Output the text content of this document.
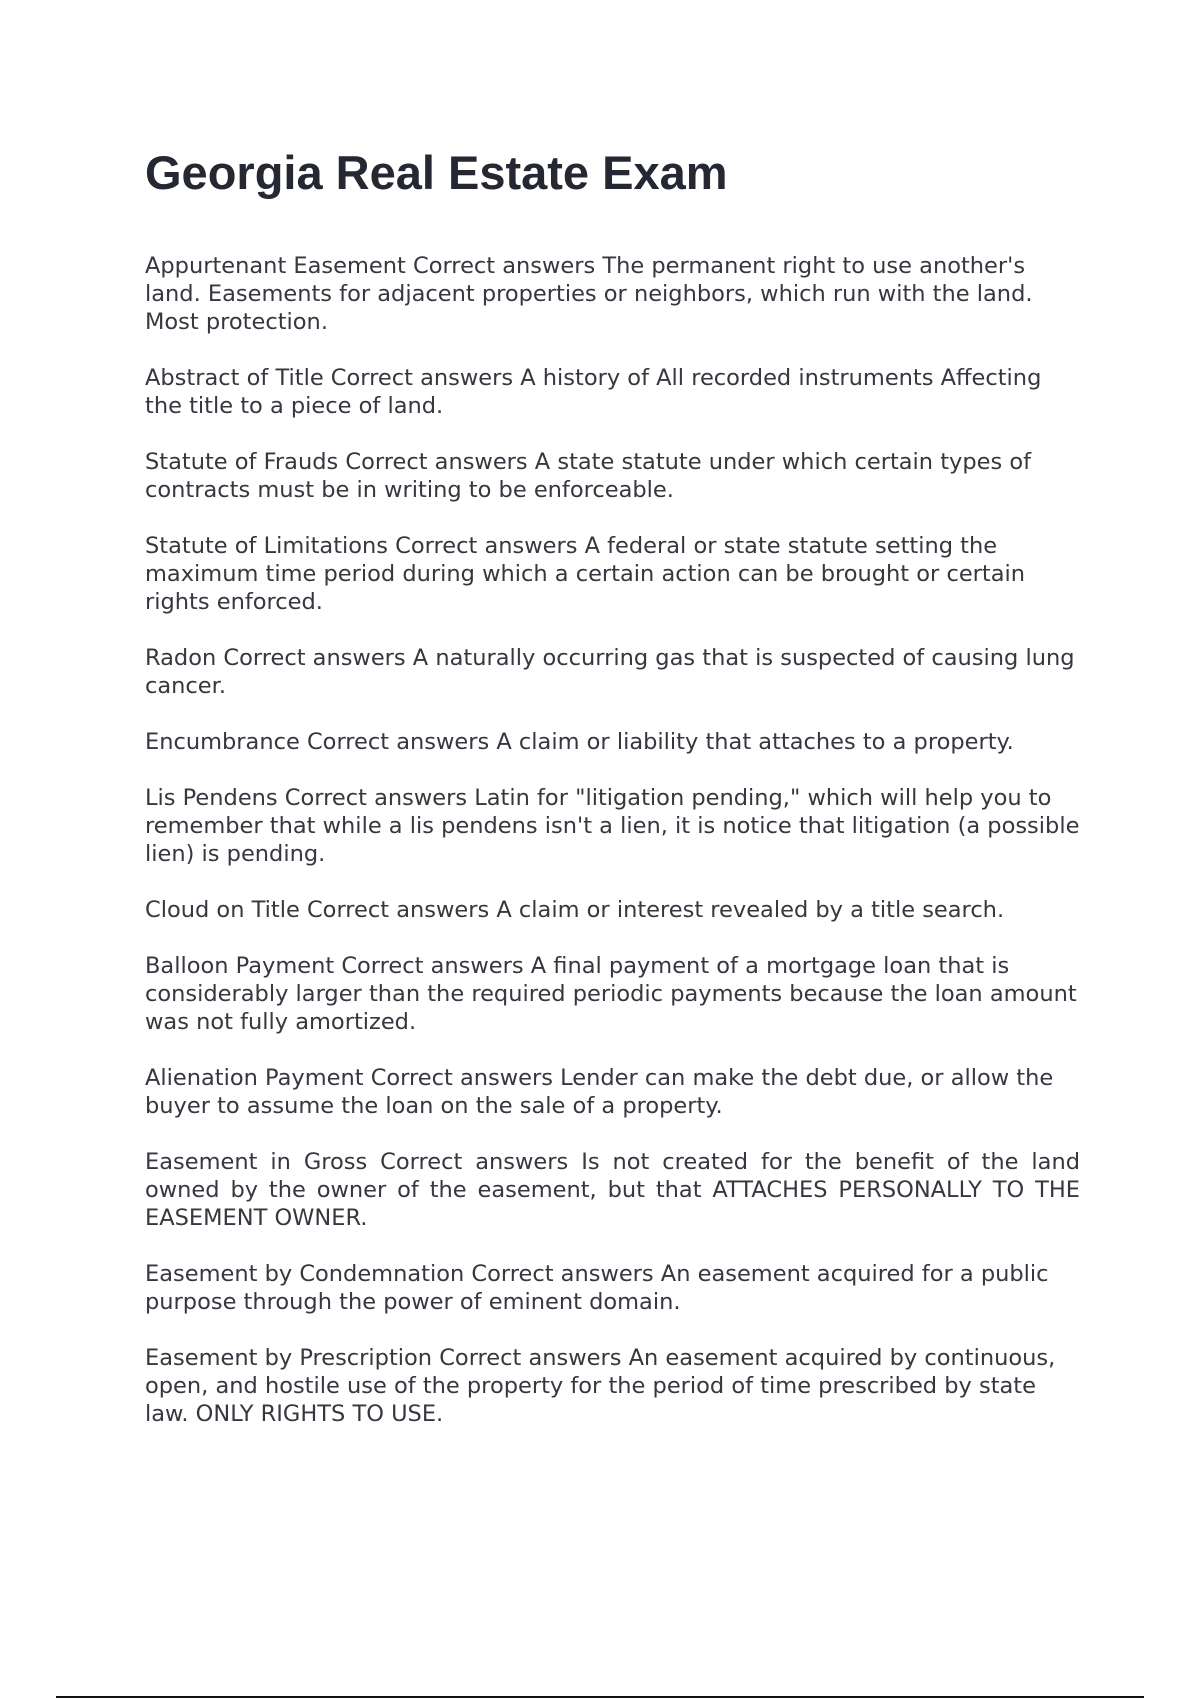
Georgia Real Estate Exam

Appurtenant Easement Correct answers The permanent right to use another's land. Easements for adjacent properties or neighbors, which run with the land. Most protection.

Abstract of Title Correct answers A history of All recorded instruments Affecting the title to a piece of land.

Statute of Frauds Correct answers A state statute under which certain types of contracts must be in writing to be enforceable.

Statute of Limitations Correct answers A federal or state statute setting the maximum time period during which a certain action can be brought or certain rights enforced.

Radon Correct answers A naturally occurring gas that is suspected of causing lung cancer.

Encumbrance Correct answers A claim or liability that attaches to a property.

Lis Pendens Correct answers Latin for "litigation pending," which will help you to remember that while a lis pendens isn't a lien, it is notice that litigation (a possible lien) is pending.

Cloud on Title Correct answers A claim or interest revealed by a title search.

Balloon Payment Correct answers A final payment of a mortgage loan that is considerably larger than the required periodic payments because the loan amount was not fully amortized.

Alienation Payment Correct answers Lender can make the debt due, or allow the buyer to assume the loan on the sale of a property.

Easement in Gross Correct answers Is not created for the benefit of the land owned by the owner of the easement, but that ATTACHES PERSONALLY TO THE EASEMENT OWNER.

Easement by Condemnation Correct answers An easement acquired for a public purpose through the power of eminent domain.

Easement by Prescription Correct answers An easement acquired by continuous, open, and hostile use of the property for the period of time prescribed by state law. ONLY RIGHTS TO USE.
